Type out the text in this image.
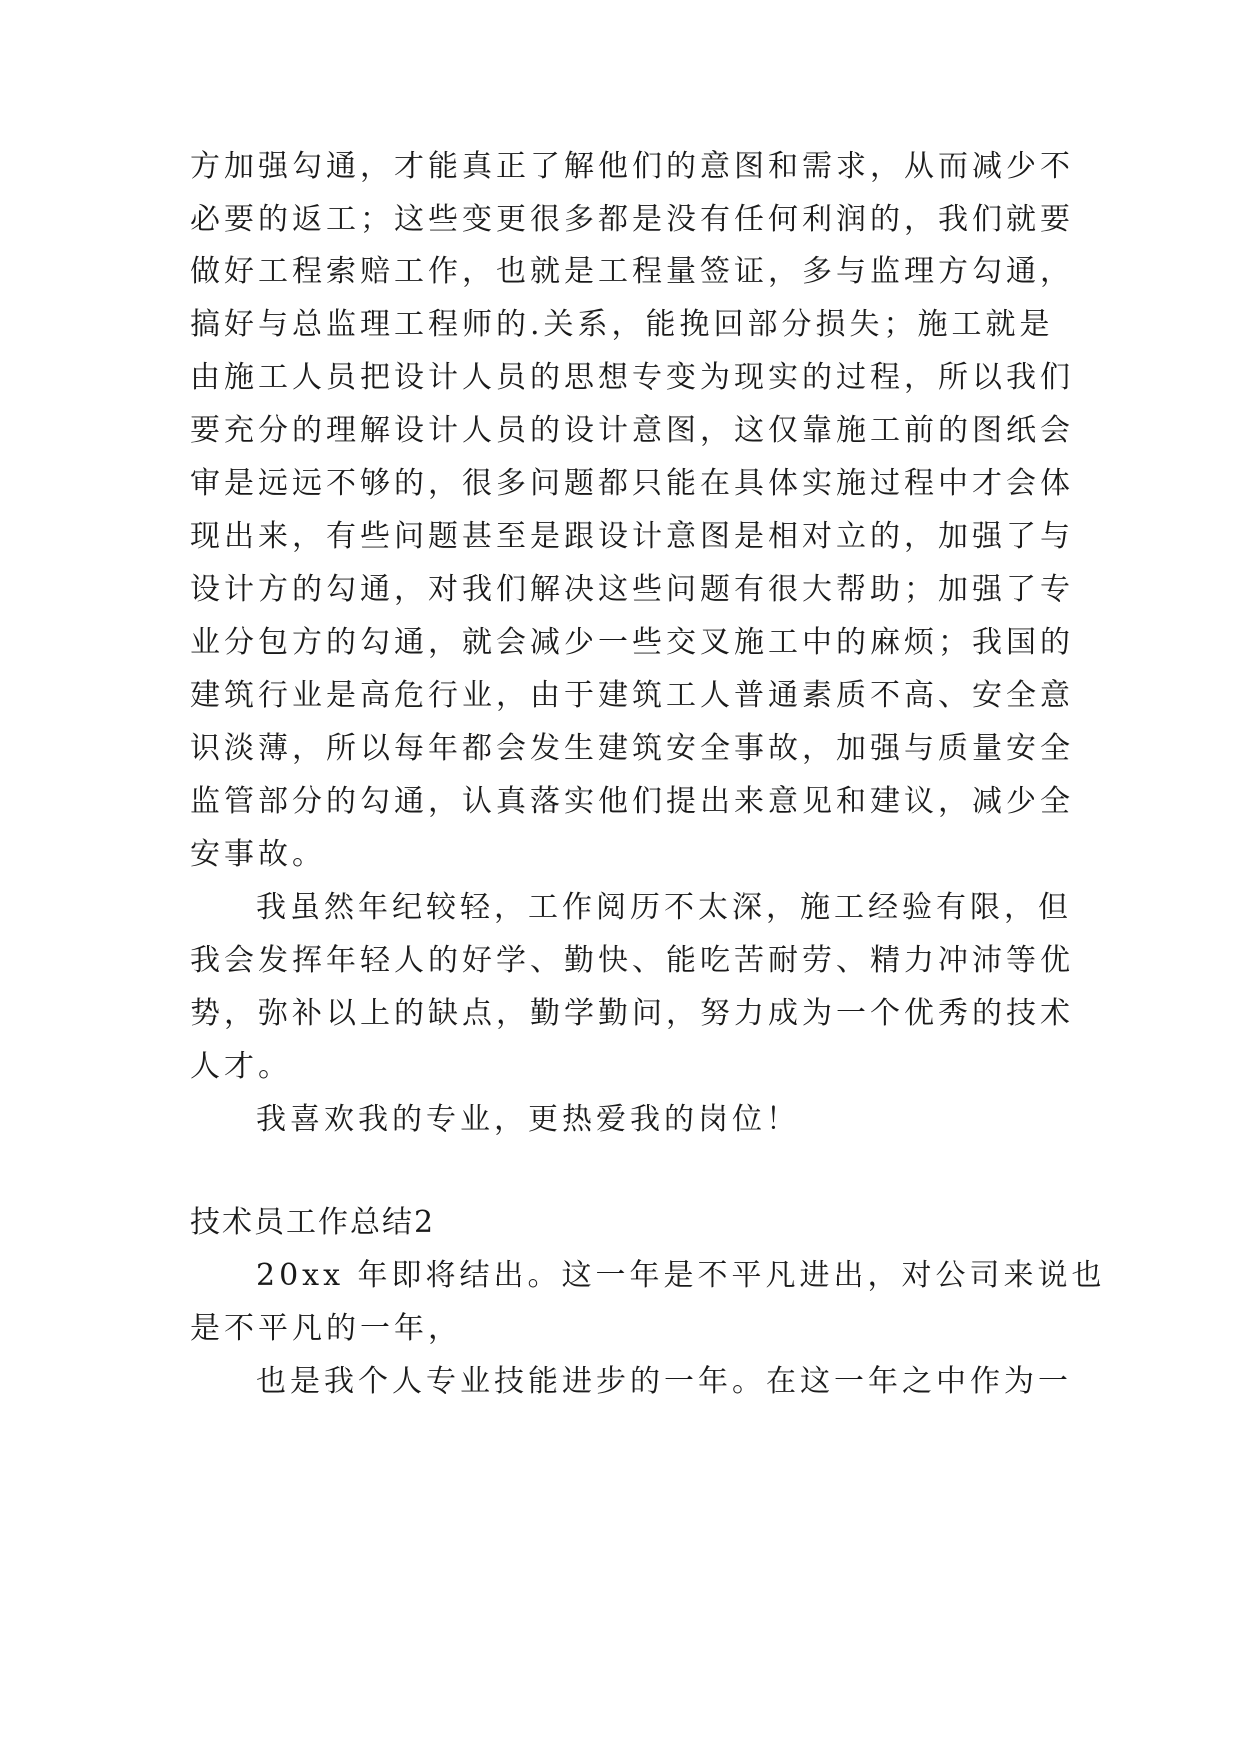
方加强勾通，才能真正了解他们的意图和需求，从而减少不
必要的返工；这些变更很多都是没有任何利润的，我们就要
做好工程索赔工作，也就是工程量签证，多与监理方勾通，
搞好与总监理工程师的.关系，能挽回部分损失；施工就是
由施工人员把设计人员的思想专变为现实的过程，所以我们
要充分的理解设计人员的设计意图，这仅靠施工前的图纸会
审是远远不够的，很多问题都只能在具体实施过程中才会体
现出来，有些问题甚至是跟设计意图是相对立的，加强了与
设计方的勾通，对我们解决这些问题有很大帮助；加强了专
业分包方的勾通，就会减少一些交叉施工中的麻烦；我国的
建筑行业是高危行业，由于建筑工人普通素质不高、安全意
识淡薄，所以每年都会发生建筑安全事故，加强与质量安全
监管部分的勾通，认真落实他们提出来意见和建议，减少全
安事故。
我虽然年纪较轻，工作阅历不太深，施工经验有限，但
我会发挥年轻人的好学、勤快、能吃苦耐劳、精力冲沛等优
势，弥补以上的缺点，勤学勤问，努力成为一个优秀的技术
人才。
我喜欢我的专业，更热爱我的岗位！
技术员工作总结2
20xx 年即将结出。这一年是不平凡进出，对公司来说也
是不平凡的一年，
也是我个人专业技能进步的一年。在这一年之中作为一
